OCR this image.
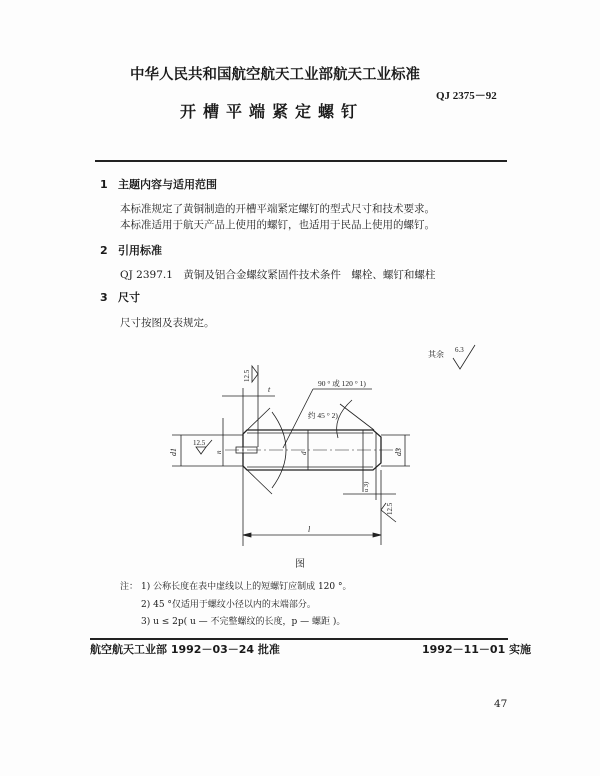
中华人民共和国航空航天工业部航天工业标准
QJ 2375－92
开槽平端紧定螺钉
1 主题内容与适用范围
本标准规定了黄铜制造的开槽平端紧定螺钉的型式尺寸和技术要求。
本标准适用于航天产品上使用的螺钉，也适用于民品上使用的螺钉。
2 引用标准
QJ 2397.1　黄铜及铝合金螺纹紧固件技术条件　螺栓、螺钉和螺柱
3 尺寸
尺寸按图及表规定。
其余 6.3
90 ° 或 120 ° 1)
约 45 ° 2)
t
12.5
d1	n
12.5
d	d3
u 3)
12.5
l
图
注： 1) 公称长度在表中虚线以上的短螺钉应制成 120 °。
2) 45 °仅适用于螺纹小径以内的末端部分。
3) u ≤ 2p( u — 不完整螺纹的长度，p — 螺距 )。
航空航天工业部 1992－03－24 批准	1992－11－01 实施
47
